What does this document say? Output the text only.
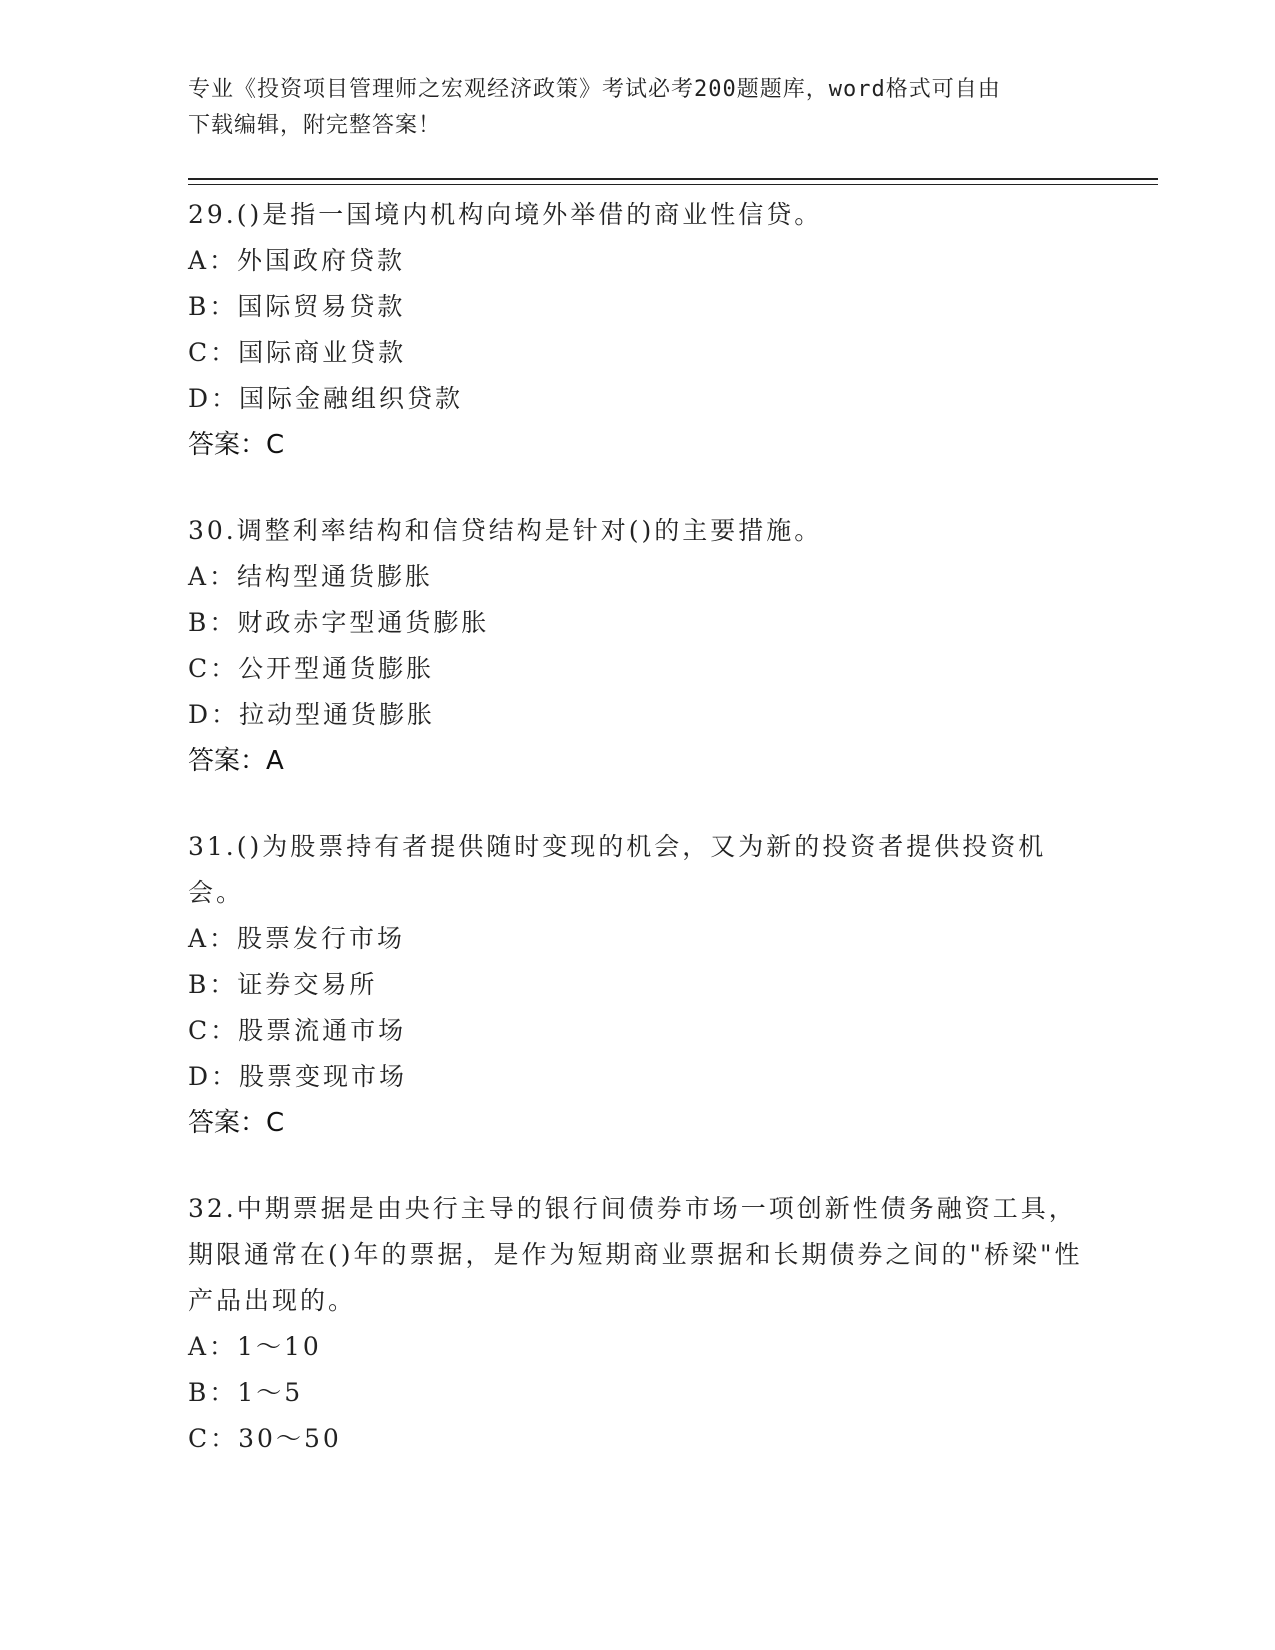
专业《投资项目管理师之宏观经济政策》考试必考200题题库，word格式可自由
下载编辑，附完整答案！

29.()是指一国境内机构向境外举借的商业性信贷。

A：外国政府贷款

B：国际贸易贷款

C：国际商业贷款

D：国际金融组织贷款

答案：C

30.调整利率结构和信贷结构是针对()的主要措施。

A：结构型通货膨胀

B：财政赤字型通货膨胀

C：公开型通货膨胀

D：拉动型通货膨胀

答案：A

31.()为股票持有者提供随时变现的机会，又为新的投资者提供投资机会。

A：股票发行市场

B：证券交易所

C：股票流通市场

D：股票变现市场

答案：C

32.中期票据是由央行主导的银行间债券市场一项创新性债务融资工具，期限通常在()年的票据，是作为短期商业票据和长期债券之间的"桥梁"性产品出现的。

A：1～10

B：1～5

C：30～50
